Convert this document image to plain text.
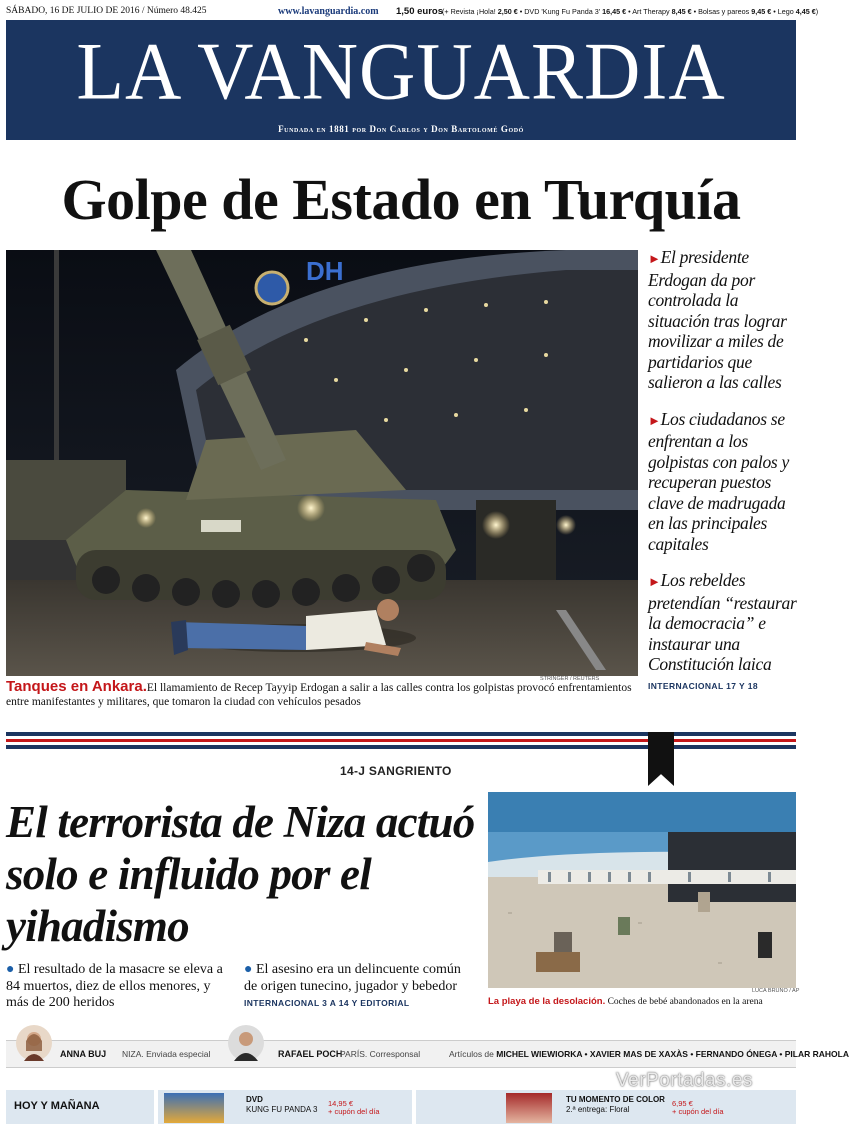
SÁBADO, 16 DE JULIO DE 2016 / Número 48.425	www.lavanguardia.com 1,50 euros (+ Revista ¡Hola! 2,50 € • DVD 'Kung Fu Panda 3' 16,45 € • Art Therapy 8,45 € • Bolsas y pareos 9,45 € • Lego 4,45 €)
LA VANGUARDIA
Fundada en 1881 por Don Carlos y Don Bartolomé Godó
Golpe de Estado en Turquía
DH
STRINGER / REUTERS

►El presidente Erdogan da por controlada la situación tras lograr movilizar a miles de partidarios que salieron a las calles

►Los ciudadanos se enfrentan a los golpistas con palos y recuperan puestos clave de madrugada en las principales capitales

►Los rebeldes pretendían “restaurar la democracia” e instaurar una Constitución laica

INTERNACIONAL 17 Y 18
Tanques en Ankara.El llamamiento de Recep Tayyip Erdogan a salir a las calles contra los golpistas provocó enfrentamientos entre manifestantes y militares, que tomaron la ciudad con vehículos pesados
14-J SANGRIENTO
El terrorista de Niza actuó solo e influido por el yihadismo
● El resultado de la masacre se eleva a 84 muertos, diez de ellos menores, y más de 200 heridos
● El asesino era un delincuente común de origen tunecino, jugador y bebedor INTERNACIONAL 3 A 14 Y EDITORIAL
LUCA BRUNO / AP
La playa de la desolación. Coches de bebé abandonados en la arena
ANNA BUJ NIZA. Enviada especial	RAFAEL POCH
PARÍS. Corresponsal	Artículos de MICHEL WIEWIORKA • XAVIER MAS DE XAXÀS • FERNANDO ÓNEGA • PILAR RAHOLA
HOY Y MAÑANA
DVD
KUNG FU PANDA 3
14,95 €
+ cupón del día
TU MOMENTO DE COLOR
2.ª entrega: Floral
6,95 €
+ cupón del día
VerPortadas.es
